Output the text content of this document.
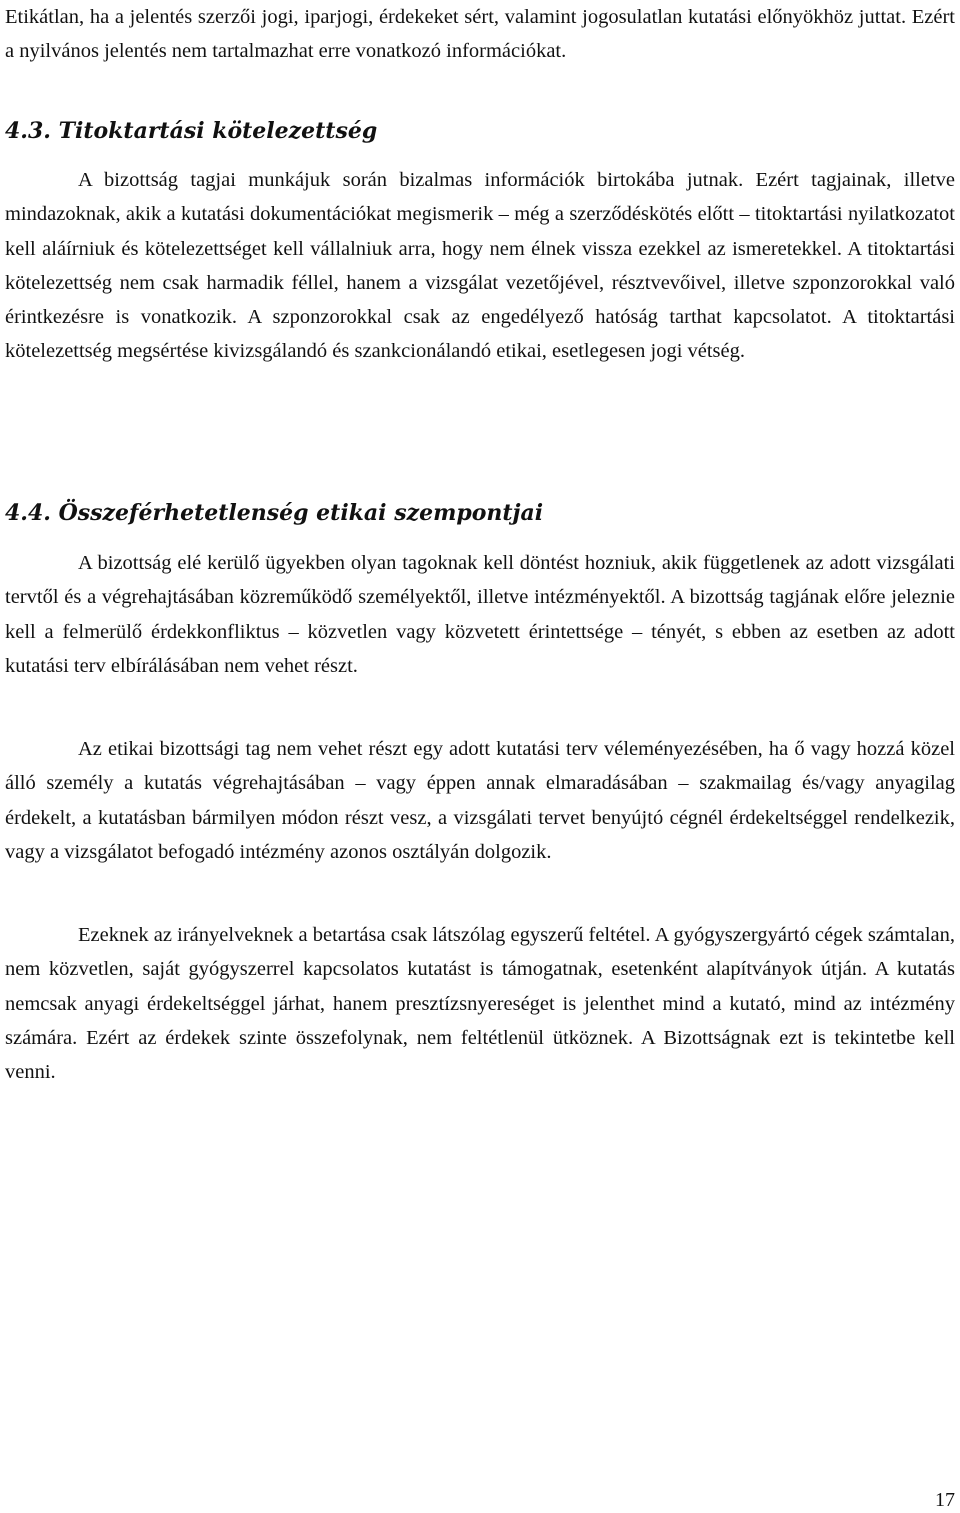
Etikátlan, ha a jelentés szerzői jogi, iparjogi, érdekeket sért, valamint jogosulatlan kutatási előnyökhöz juttat. Ezért a nyilvános jelentés nem tartalmazhat erre vonatkozó információkat.

4.3. Titoktartási kötelezettség

A bizottság tagjai munkájuk során bizalmas információk birtokába jutnak. Ezért tagjainak, illetve mindazoknak, akik a kutatási dokumentációkat megismerik – még a szerződéskötés előtt – titoktartási nyilatkozatot kell aláírniuk és kötelezettséget kell vállalniuk arra, hogy nem élnek vissza ezekkel az ismeretekkel. A titoktartási kötelezettség nem csak harmadik féllel, hanem a vizsgálat vezetőjével, résztvevőivel, illetve szponzorokkal való érintkezésre is vonatkozik. A szponzorokkal csak az engedélyező hatóság tarthat kapcsolatot. A titoktartási kötelezettség megsértése kivizsgálandó és szankcionálandó etikai, esetlegesen jogi vétség.

4.4. Összeférhetetlenség etikai szempontjai

A bizottság elé kerülő ügyekben olyan tagoknak kell döntést hozniuk, akik függetlenek az adott vizsgálati tervtől és a végrehajtásában közreműködő személyektől, illetve intézményektől. A bizottság tagjának előre jeleznie kell a felmerülő érdekkonfliktus – közvetlen vagy közvetett érintettsége – tényét, s ebben az esetben az adott kutatási terv elbírálásában nem vehet részt.

Az etikai bizottsági tag nem vehet részt egy adott kutatási terv véleményezésében, ha ő vagy hozzá közel álló személy a kutatás végrehajtásában – vagy éppen annak elmaradásában – szakmailag és/vagy anyagilag érdekelt, a kutatásban bármilyen módon részt vesz, a vizsgálati tervet benyújtó cégnél érdekeltséggel rendelkezik, vagy a vizsgálatot befogadó intézmény azonos osztályán dolgozik.

Ezeknek az irányelveknek a betartása csak látszólag egyszerű feltétel. A gyógyszergyártó cégek számtalan, nem közvetlen, saját gyógyszerrel kapcsolatos kutatást is támogatnak, esetenként alapítványok útján. A kutatás nemcsak anyagi érdekeltséggel járhat, hanem presztízsnyereséget is jelenthet mind a kutató, mind az intézmény számára. Ezért az érdekek szinte összefolynak, nem feltétlenül ütköznek. A Bizottságnak ezt is tekintetbe kell venni.

17
